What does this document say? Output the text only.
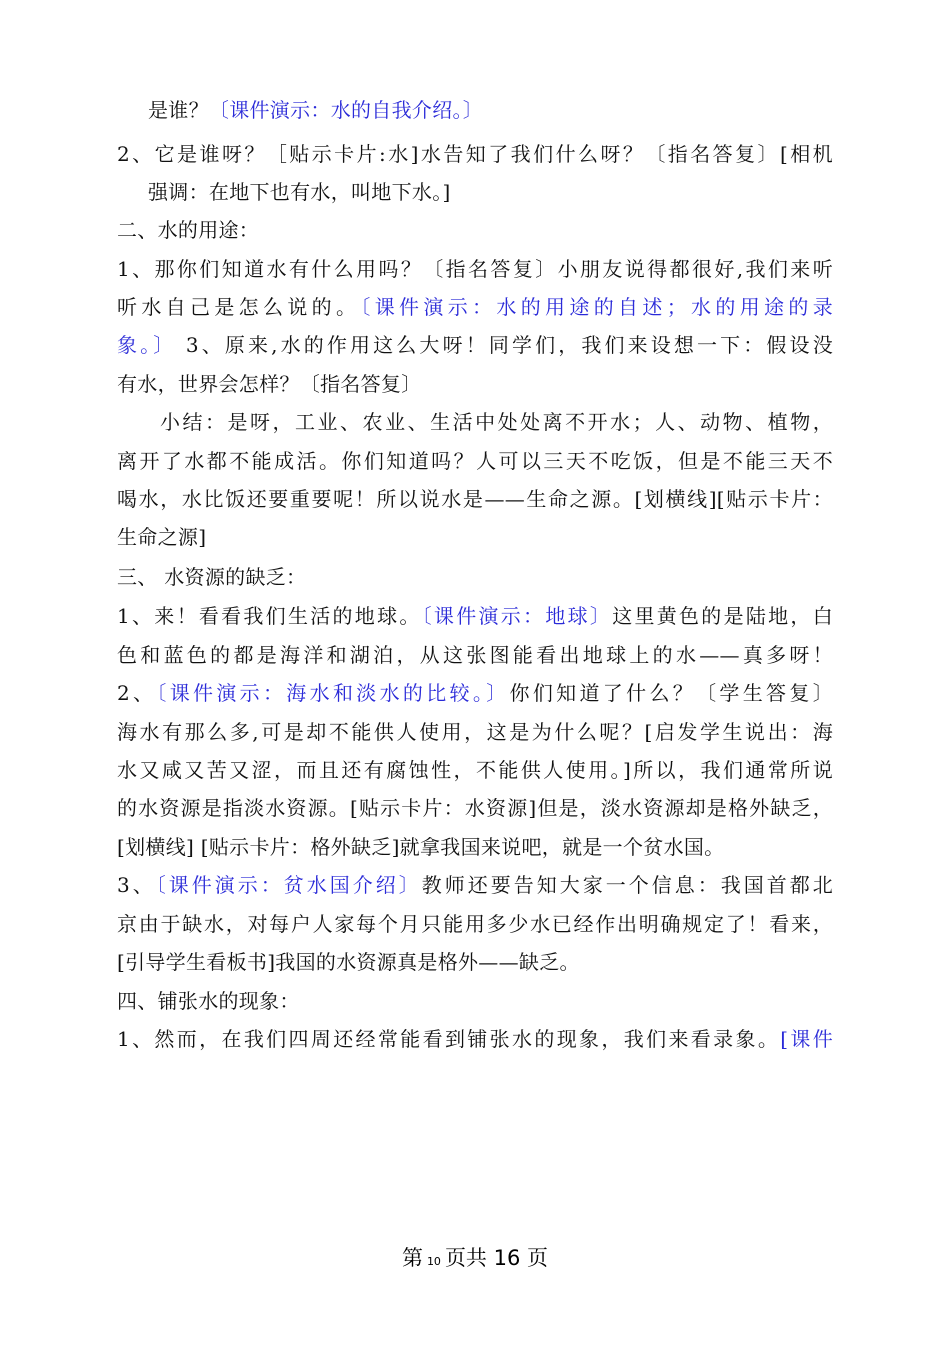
是谁？〔课件演示：水的自我介绍。〕
2、它是谁呀？［贴示卡片:水]水告知了我们什么呀？〔指名答复〕[相机
强调：在地下也有水，叫地下水。]
二、水的用途：
1、那你们知道水有什么用吗？〔指名答复〕小朋友说得都很好,我们来听
听水自己是怎么说的。〔课件演示：水的用途的自述；水的用途的录
象。〕 3、原来,水的作用这么大呀！同学们，我们来设想一下：假设没
有水，世界会怎样？〔指名答复〕
小结：是呀，工业、农业、生活中处处离不开水；人、动物、植物，
离开了水都不能成活。你们知道吗？人可以三天不吃饭，但是不能三天不
喝水，水比饭还要重要呢！所以说水是——生命之源。[划横线][贴示卡片：
生命之源]
三、 水资源的缺乏：
1、来！看看我们生活的地球。〔课件演示：地球〕这里黄色的是陆地，白
色和蓝色的都是海洋和湖泊，从这张图能看出地球上的水——真多呀！
2、〔课件演示：海水和淡水的比较。〕你们知道了什么？〔学生答复〕
海水有那么多,可是却不能供人使用，这是为什么呢？[启发学生说出：海
水又咸又苦又涩，而且还有腐蚀性，不能供人使用。]所以，我们通常所说
的水资源是指淡水资源。[贴示卡片：水资源]但是，淡水资源却是格外缺乏，
[划横线] [贴示卡片：格外缺乏]就拿我国来说吧，就是一个贫水国。
3、〔课件演示：贫水国介绍〕教师还要告知大家一个信息：我国首都北
京由于缺水，对每户人家每个月只能用多少水已经作出明确规定了！看来，
[引导学生看板书]我国的水资源真是格外——缺乏。
四、铺张水的现象：
1、然而，在我们四周还经常能看到铺张水的现象，我们来看录象。[课件
第 10 页共 16 页
